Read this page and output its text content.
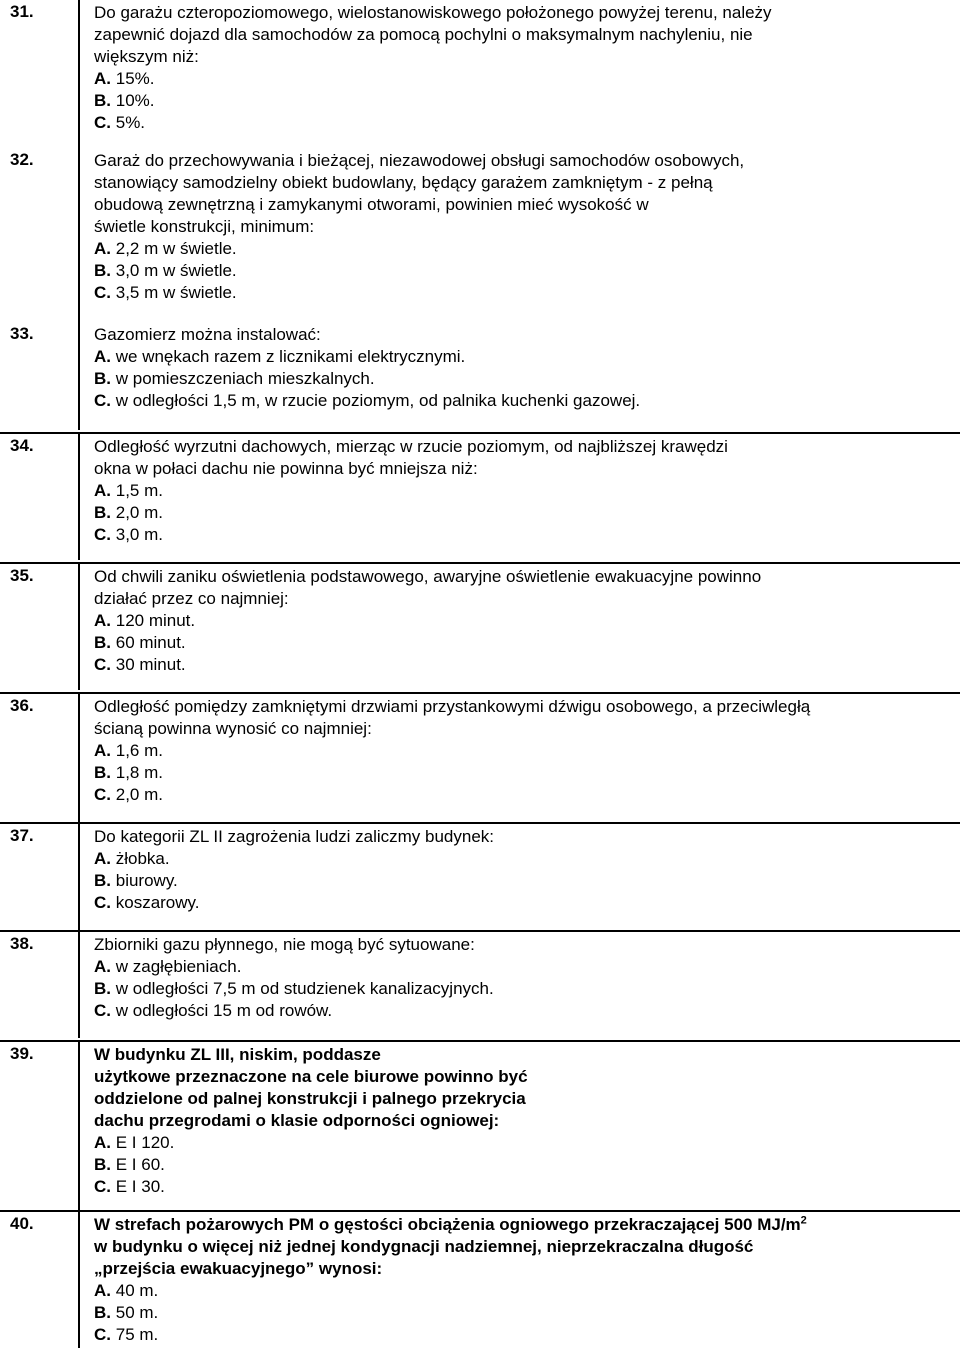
31.	Do garażu czteropoziomowego, wielostanowiskowego położonego powyżej terenu, należy
zapewnić dojazd dla samochodów za pomocą pochylni o maksymalnym nachyleniu, nie
większym niż:
A. 15%.
B. 10%.
C. 5%.
32.	Garaż do przechowywania i bieżącej, niezawodowej obsługi samochodów osobowych,
stanowiący samodzielny obiekt budowlany, będący garażem zamkniętym - z pełną
obudową zewnętrzną i zamykanymi otworami, powinien mieć wysokość w
świetle konstrukcji, minimum:
A. 2,2 m w świetle.
B. 3,0 m w świetle.
C. 3,5 m w świetle.
33.	Gazomierz można instalować:
A. we wnękach razem z licznikami elektrycznymi.
B. w pomieszczeniach mieszkalnych.
C. w odległości 1,5 m, w rzucie poziomym, od palnika kuchenki gazowej.
34.	Odległość wyrzutni dachowych, mierząc w rzucie poziomym, od najbliższej krawędzi
okna w połaci dachu nie powinna być mniejsza niż:
A. 1,5 m.
B. 2,0 m.
C. 3,0 m.
35.	Od chwili zaniku oświetlenia podstawowego, awaryjne oświetlenie ewakuacyjne powinno
działać przez co najmniej:
A. 120 minut.
B. 60 minut.
C. 30 minut.
36.	Odległość pomiędzy zamkniętymi drzwiami przystankowymi dźwigu osobowego, a przeciwległą
ścianą powinna wynosić co najmniej:
A. 1,6 m.
B. 1,8 m.
C. 2,0 m.
37.	Do kategorii ZL II zagrożenia ludzi zaliczmy budynek:
A. żłobka.
B. biurowy.
C. koszarowy.
38.	Zbiorniki gazu płynnego, nie mogą być sytuowane:
A. w zagłębieniach.
B. w odległości 7,5 m od studzienek kanalizacyjnych.
C. w odległości 15 m od rowów.
39.	W budynku ZL III, niskim, poddasze
użytkowe przeznaczone na cele biurowe powinno być
oddzielone od palnej konstrukcji i palnego przekrycia
dachu przegrodami o klasie odporności ogniowej:
A. E I 120.
B. E I 60.
C. E I 30.
40.	W strefach pożarowych PM o gęstości obciążenia ogniowego przekraczającej 500 $MJ/m^2$
w budynku o więcej niż jednej kondygnacji nadziemnej, nieprzekraczalna długość
„przejścia ewakuacyjnego” wynosi:
A. 40 m.
B. 50 m.
C. 75 m.
